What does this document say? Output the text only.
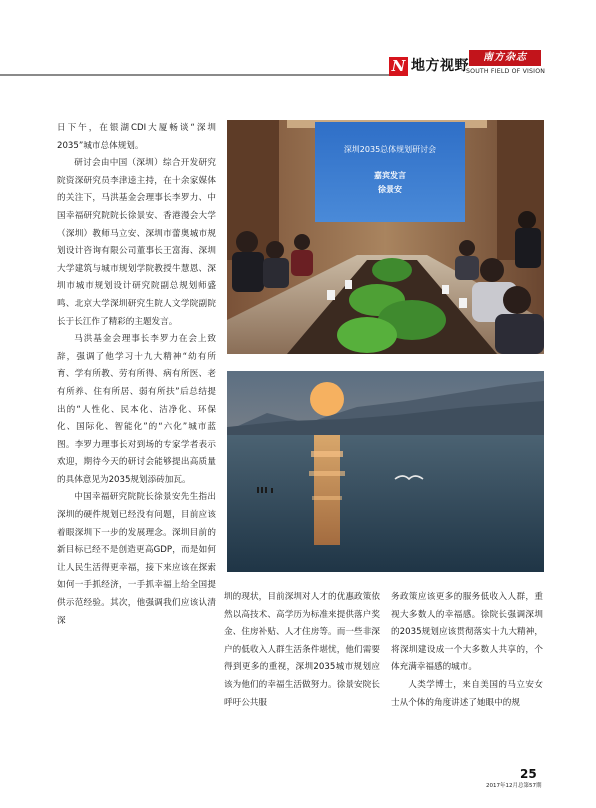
N 地方视野
南方杂志
SOUTH FIELD OF VISION

日下午，在银湖CDI大厦畅谈“深圳2035”城市总体规划。

研讨会由中国（深圳）综合开发研究院资深研究员李津逵主持，在十余家媒体的关注下，马洪基金会理事长李罗力、中国幸福研究院院长徐景安、香港漫会大学（深圳）教师马立安、深圳市蕾奥城市规划设计咨询有限公司董事长王富海、深圳大学建筑与城市规划学院教授牛慧恩、深圳市城市规划设计研究院副总规划师盛鸣、北京大学深圳研究生院人文学院副院长于长江作了精彩的主题发言。

马洪基金会理事长李罗力在会上致辞，强调了他学习十九大精神“幼有所育、学有所教、劳有所得、病有所医、老有所养、住有所居、弱有所扶”后总结提出的“人性化、民本化、洁净化、环保化、国际化、智能化”的“六化”城市蓝图。李罗力理事长对到场的专家学者表示欢迎，期待今天的研讨会能够提出高质量的具体意见为2035规划添砖加瓦。

中国幸福研究院院长徐景安先生指出深圳的硬件规划已经没有问题，目前应该着眼深圳下一步的发展理念。深圳目前的新目标已经不是创造更高GDP，而是如何让人民生活得更幸福，接下来应该在探索如何一手抓经济，一手抓幸福上给全国提供示范经验。其次，他强调我们应该认清深

深圳2035总体规划研讨会
嘉宾发言
徐景安

圳的现状，目前深圳对人才的优惠政策依然以高技术、高学历为标准来提供落户奖金、住房补贴、人才住房等。而一些非深户的低收入人群生活条件堪忧，他们需要得到更多的重视，深圳2035城市规划应该为他们的幸福生活做努力。徐景安院长呼吁公共服

务政策应该更多的服务低收入人群，重视大多数人的幸福感。徐院长强调深圳的2035规划应该贯彻落实十九大精神，将深圳建设成一个大多数人共享的，个体充满幸福感的城市。

人类学博士，来自美国的马立安女士从个体的角度讲述了她眼中的规

25
2017年12月总第57期
